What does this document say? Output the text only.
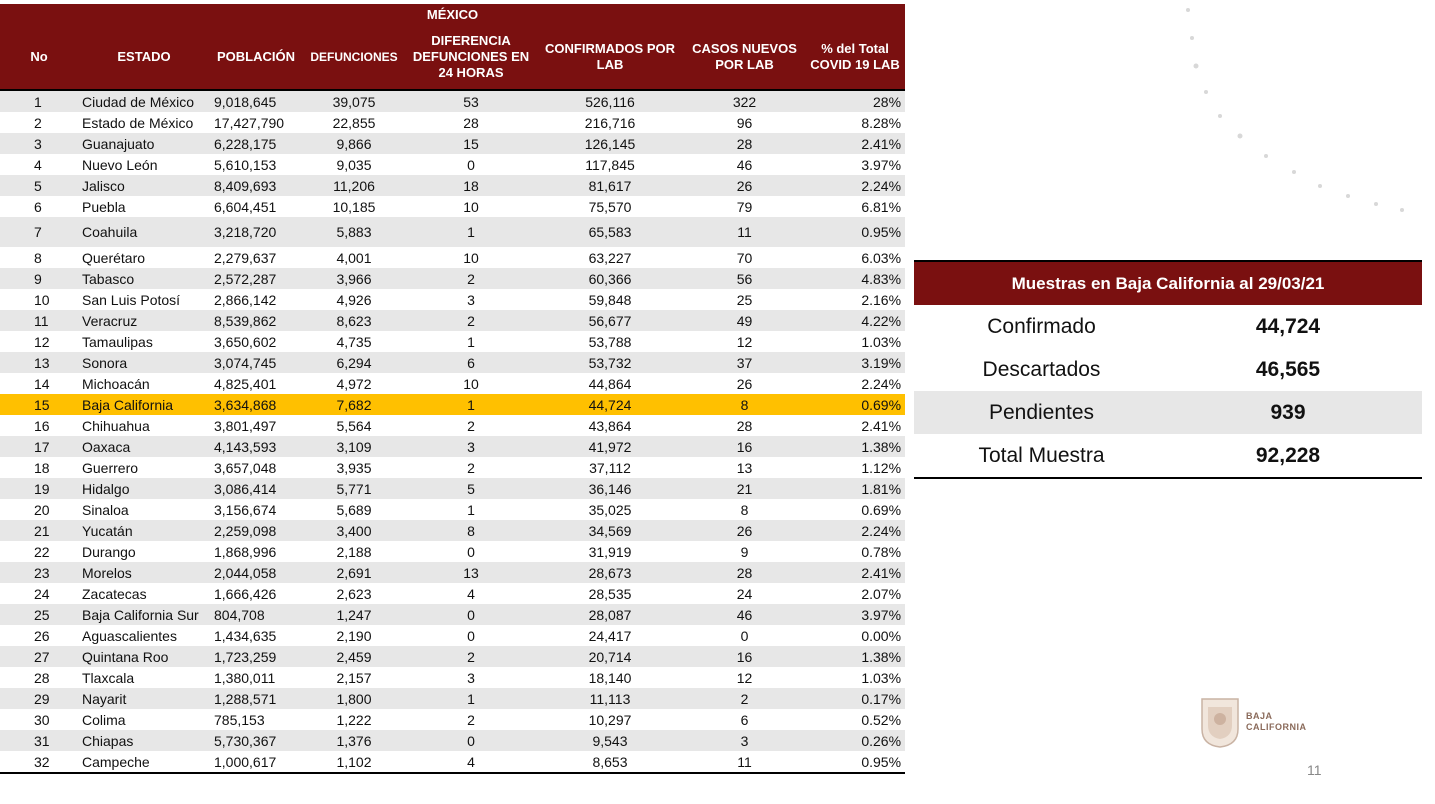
MÉXICO							
No	ESTADO	POBLACIÓN	DEFUNCIONES	DIFERENCIA DEFUNCIONES EN 24 HORAS	CONFIRMADOS POR LAB	CASOS NUEVOS POR LAB	% del Total COVID 19 LAB
1	Ciudad de México	9,018,645	39,075	53	526,116	322	28%
2	Estado de México	17,427,790	22,855	28	216,716	96	8.28%
3	Guanajuato	6,228,175	9,866	15	126,145	28	2.41%
4	Nuevo León	5,610,153	9,035	0	117,845	46	3.97%
5	Jalisco	8,409,693	11,206	18	81,617	26	2.24%
6	Puebla	6,604,451	10,185	10	75,570	79	6.81%
7	Coahuila	3,218,720	5,883	1	65,583	11	0.95%
8	Querétaro	2,279,637	4,001	10	63,227	70	6.03%
9	Tabasco	2,572,287	3,966	2	60,366	56	4.83%
10	San Luis Potosí	2,866,142	4,926	3	59,848	25	2.16%
11	Veracruz	8,539,862	8,623	2	56,677	49	4.22%
12	Tamaulipas	3,650,602	4,735	1	53,788	12	1.03%
13	Sonora	3,074,745	6,294	6	53,732	37	3.19%
14	Michoacán	4,825,401	4,972	10	44,864	26	2.24%
15	Baja California	3,634,868	7,682	1	44,724	8	0.69%
16	Chihuahua	3,801,497	5,564	2	43,864	28	2.41%
17	Oaxaca	4,143,593	3,109	3	41,972	16	1.38%
18	Guerrero	3,657,048	3,935	2	37,112	13	1.12%
19	Hidalgo	3,086,414	5,771	5	36,146	21	1.81%
20	Sinaloa	3,156,674	5,689	1	35,025	8	0.69%
21	Yucatán	2,259,098	3,400	8	34,569	26	2.24%
22	Durango	1,868,996	2,188	0	31,919	9	0.78%
23	Morelos	2,044,058	2,691	13	28,673	28	2.41%
24	Zacatecas	1,666,426	2,623	4	28,535	24	2.07%
25	Baja California Sur	804,708	1,247	0	28,087	46	3.97%
26	Aguascalientes	1,434,635	2,190	0	24,417	0	0.00%
27	Quintana Roo	1,723,259	2,459	2	20,714	16	1.38%
28	Tlaxcala	1,380,011	2,157	3	18,140	12	1.03%
29	Nayarit	1,288,571	1,800	1	11,113	2	0.17%
30	Colima	785,153	1,222	2	10,297	6	0.52%
31	Chiapas	5,730,367	1,376	0	9,543	3	0.26%
32	Campeche	1,000,617	1,102	4	8,653	11	0.95%
Muestras en Baja California al 29/03/21
Confirmado	44,724
Descartados	46,565
Pendientes	939
Total Muestra	92,228
BAJA
CALIFORNIA
11
